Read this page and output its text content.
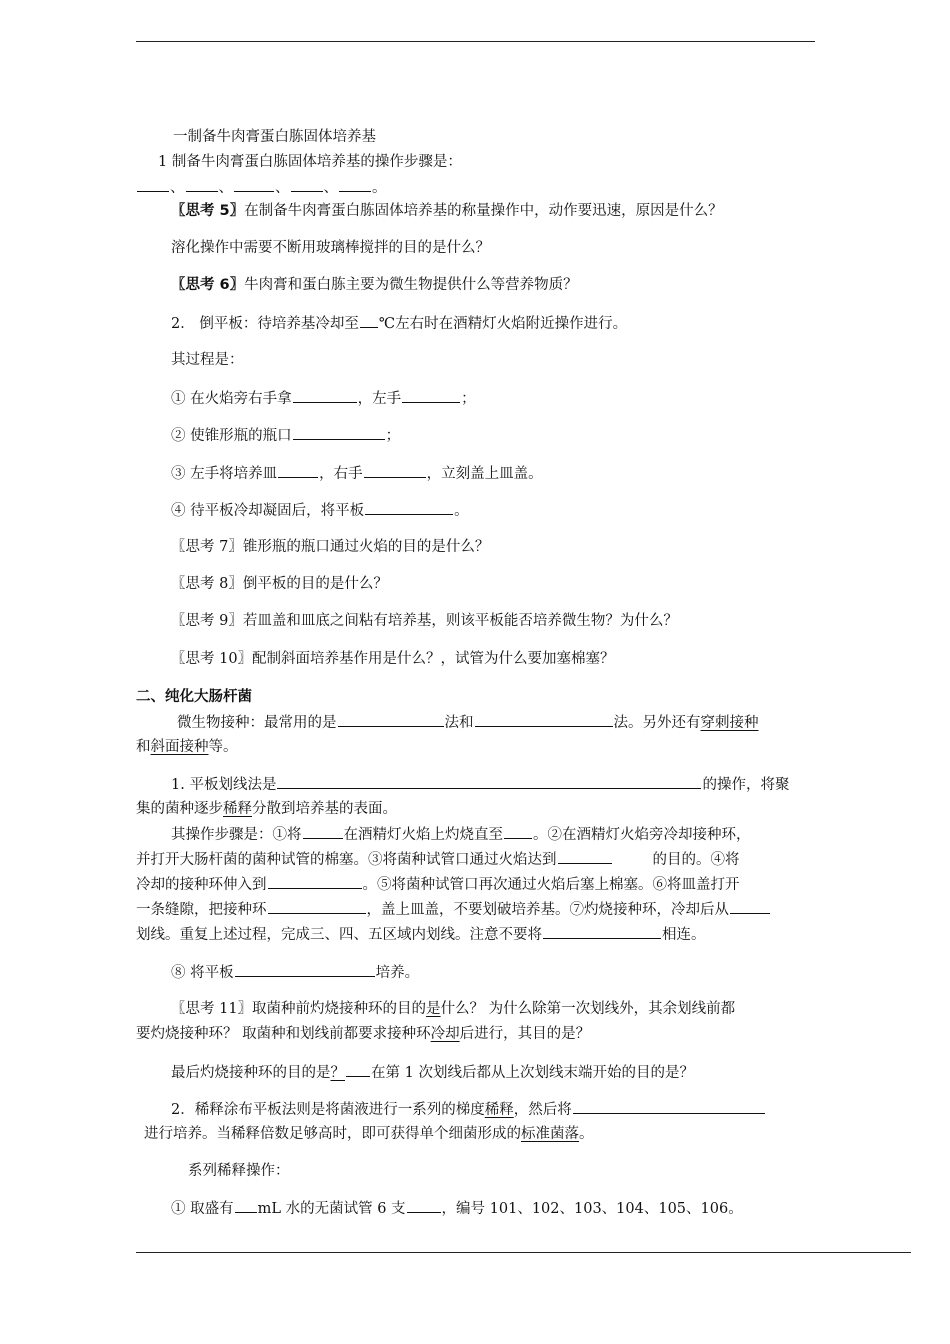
一制备牛肉膏蛋白胨固体培养基
1 制备牛肉膏蛋白胨固体培养基的操作步骤是：
、 、	、 、 。
〖思考 5〗在制备牛肉膏蛋白胨固体培养基的称量操作中，动作要迅速，原因是什么？
溶化操作中需要不断用玻璃棒搅拌的目的是什么？
〖思考 6〗牛肉膏和蛋白胨主要为微生物提供什么等营养物质？
2． 倒平板：待培养基冷却至 ℃左右时在酒精灯火焰附近操作进行。
其过程是：
① 在火焰旁右手拿	，左手	；
② 使锥形瓶的瓶口	；
③ 左手将培养皿	，右手	，立刻盖上皿盖。
④ 待平板冷却凝固后，将平板	。
〖思考 7〗锥形瓶的瓶口通过火焰的目的是什么？
〖思考 8〗倒平板的目的是什么？
〖思考 9〗若皿盖和皿底之间粘有培养基，则该平板能否培养微生物？为什么？
〖思考 10〗配制斜面培养基作用是什么？，试管为什么要加塞棉塞？
二、纯化大肠杆菌
微生物接种：最常用的是	法和	法。另外还有穿刺接种
和斜面接种等。
1. 平板划线法是	的操作，将聚
集的菌种逐步稀释分散到培养基的表面。
其操作步骤是：①将	在酒精灯火焰上灼烧直至 。②在酒精灯火焰旁冷却接种环，
并打开大肠杆菌的菌种试管的棉塞。③将菌种试管口通过火焰达到	的目的。④将
冷却的接种环伸入到	。⑤将菌种试管口再次通过火焰后塞上棉塞。⑥将皿盖打开
一条缝隙，把接种环	，盖上皿盖，不要划破培养基。⑦灼烧接种环，冷却后从
划线。重复上述过程，完成三、四、五区域内划线。注意不要将	相连。
⑧ 将平板	培养。
〖思考 11〗取菌种前灼烧接种环的目的是什么？ 为什么除第一次划线外，其余划线前都
要灼烧接种环？ 取菌种和划线前都要求接种环冷却后进行，其目的是？
最后灼烧接种环的目的是？ 在第 1 次划线后都从上次划线末端开始的目的是？
2．稀释涂布平板法则是将菌液进行一系列的梯度稀释，然后将
进行培养。当稀释倍数足够高时，即可获得单个细菌形成的标准菌落。
系列稀释操作：
① 取盛有 mL 水的无菌试管 6 支 ，编号 101、102、103、104、105、106。
